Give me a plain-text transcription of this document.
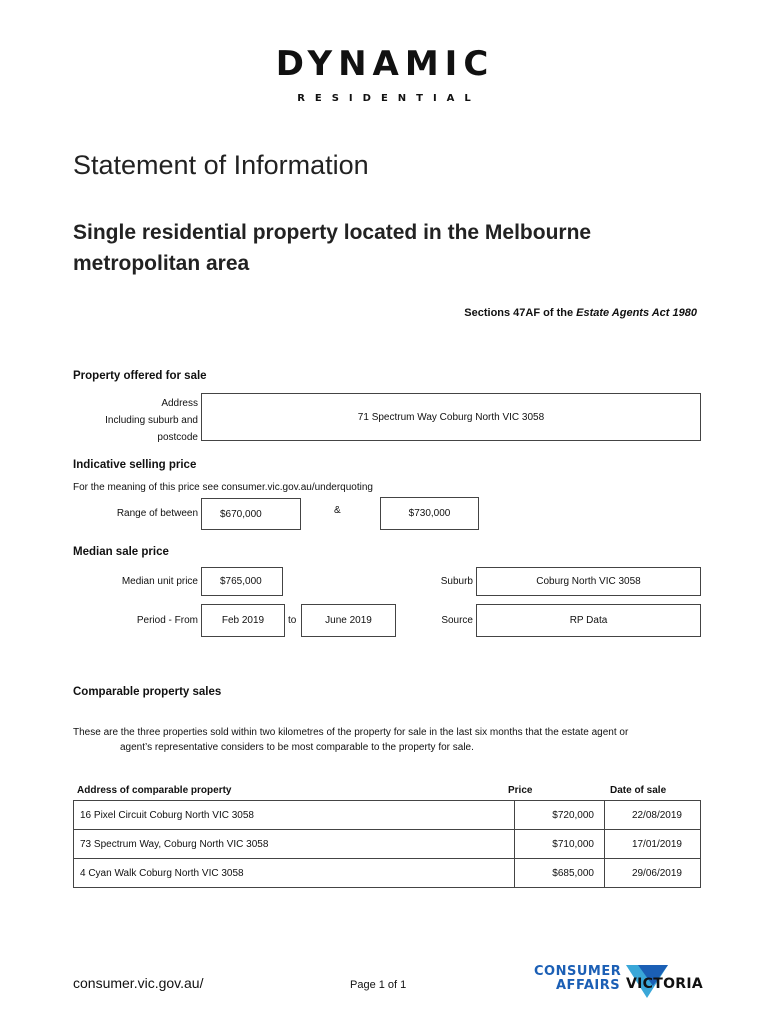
DYNAMIC
RESIDENTIAL
Statement of Information
Single residential property located in the Melbourne metropolitan area
Sections 47AF of the Estate Agents Act 1980
Property offered for sale
Address
Including suburb and
postcode
71 Spectrum Way Coburg North VIC 3058
Indicative selling price
For the meaning of this price see consumer.vic.gov.au/underquoting
Range of between	$670,000	&	$730,000
Median sale price
Median unit price	$765,000	Suburb	Coburg North VIC 3058
Period - From	Feb 2019	to	June 2019	Source	RP Data
Comparable property sales
These are the three properties sold within two kilometres of the property for sale in the last six months that the estate agent or
agent’s representative considers to be most comparable to the property for sale.
Address of comparable property	Price	Date of sale
16 Pixel Circuit Coburg North VIC 3058	$720,000	22/08/2019
73 Spectrum Way, Coburg North VIC 3058	$710,000	17/01/2019
4 Cyan Walk Coburg North VIC 3058	$685,000	29/06/2019
consumer.vic.gov.au/	Page 1 of 1
CONSUMER
AFFAIRS VICTORIA
